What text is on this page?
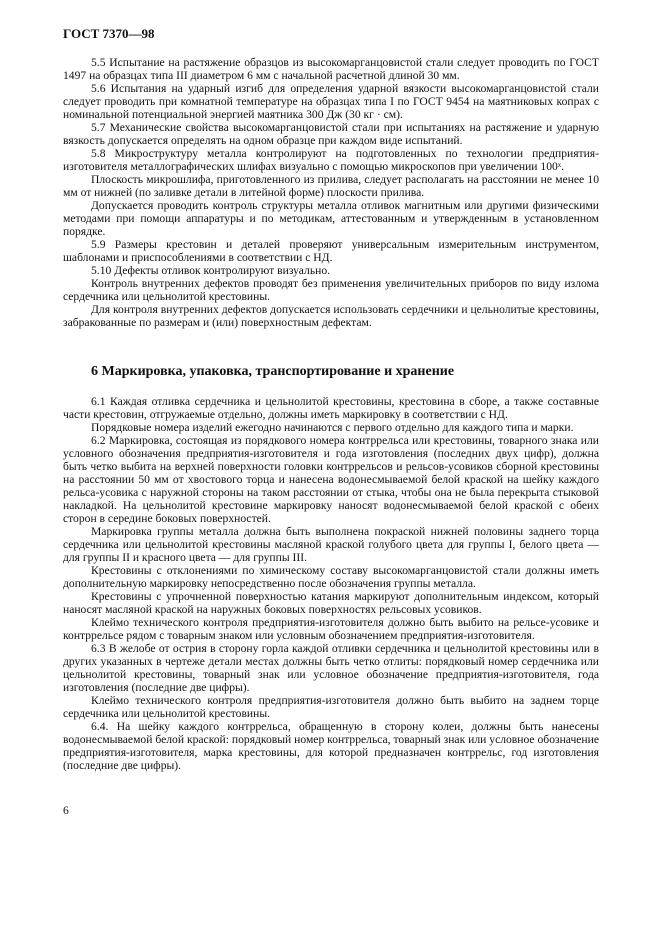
ГОСТ 7370—98

5.5 Испытание на растяжение образцов из высокомарганцовистой стали следует проводить по ГОСТ 1497 на образцах типа III диаметром 6 мм с начальной расчетной длиной 30 мм.

5.6 Испытания на ударный изгиб для определения ударной вязкости высокомарганцовистой стали следует проводить при комнатной температуре на образцах типа I по ГОСТ 9454 на маятниковых копрах с номинальной потенциальной энергией маятника 300 Дж (30 кг · см).

5.7 Механические свойства высокомарганцовистой стали при испытаниях на растяжение и ударную вязкость допускается определять на одном образце при каждом виде испытаний.

5.8 Микроструктуру металла контролируют на подготовленных по технологии предприятия-изготовителя металлографических шлифах визуально с помощью микроскопов при увеличении 100ˣ.

Плоскость микрошлифа, приготовленного из прилива, следует располагать на расстоянии не менее 10 мм от нижней (по заливке детали в литейной форме) плоскости прилива.

Допускается проводить контроль структуры металла отливок магнитным или другими физическими методами при помощи аппаратуры и по методикам, аттестованным и утвержденным в установленном порядке.

5.9 Размеры крестовин и деталей проверяют универсальным измерительным инструментом, шаблонами и приспособлениями в соответствии с НД.

5.10 Дефекты отливок контролируют визуально.

Контроль внутренних дефектов проводят без применения увеличительных приборов по виду излома сердечника или цельнолитой крестовины.

Для контроля внутренних дефектов допускается использовать сердечники и цельнолитые крестовины, забракованные по размерам и (или) поверхностным дефектам.

6 Маркировка, упаковка, транспортирование и хранение

6.1 Каждая отливка сердечника и цельнолитой крестовины, крестовина в сборе, а также составные части крестовин, отгружаемые отдельно, должны иметь маркировку в соответствии с НД.

Порядковые номера изделий ежегодно начинаются с первого отдельно для каждого типа и марки.

6.2 Маркировка, состоящая из порядкового номера контррельса или крестовины, товарного знака или условного обозначения предприятия-изготовителя и года изготовления (последних двух цифр), должна быть четко выбита на верхней поверхности головки контррельсов и рельсов-усовиков сборной крестовины на расстоянии 50 мм от хвостового торца и нанесена водонесмываемой белой краской на шейку каждого рельса-усовика с наружной стороны на таком расстоянии от стыка, чтобы она не была перекрыта стыковой накладкой. На цельнолитой крестовине маркировку наносят водонесмываемой белой краской с обеих сторон в середине боковых поверхностей.

Маркировка группы металла должна быть выполнена покраской нижней половины заднего торца сердечника или цельнолитой крестовины масляной краской голубого цвета для группы I, белого цвета — для группы II и красного цвета — для группы III.

Крестовины с отклонениями по химическому составу высокомарганцовистой стали должны иметь дополнительную маркировку непосредственно после обозначения группы металла.

Крестовины с упрочненной поверхностью катания маркируют дополнительным индексом, который наносят масляной краской на наружных боковых поверхностях рельсовых усовиков.

Клеймо технического контроля предприятия-изготовителя должно быть выбито на рельсе-усовике и контррельсе рядом с товарным знаком или условным обозначением предприятия-изготовителя.

6.3 В желобе от острия в сторону горла каждой отливки сердечника и цельнолитой крестовины или в других указанных в чертеже детали местах должны быть четко отлиты: порядковый номер сердечника или цельнолитой крестовины, товарный знак или условное обозначение предприятия-изготовителя, года изготовления (последние две цифры).

Клеймо технического контроля предприятия-изготовителя должно быть выбито на заднем торце сердечника или цельнолитой крестовины.

6.4. На шейку каждого контррельса, обращенную в сторону колеи, должны быть нанесены водонесмываемой белой краской: порядковый номер контррельса, товарный знак или условное обозначение предприятия-изготовителя, марка крестовины, для которой предназначен контррельс, год изготовления (последние две цифры).

6
